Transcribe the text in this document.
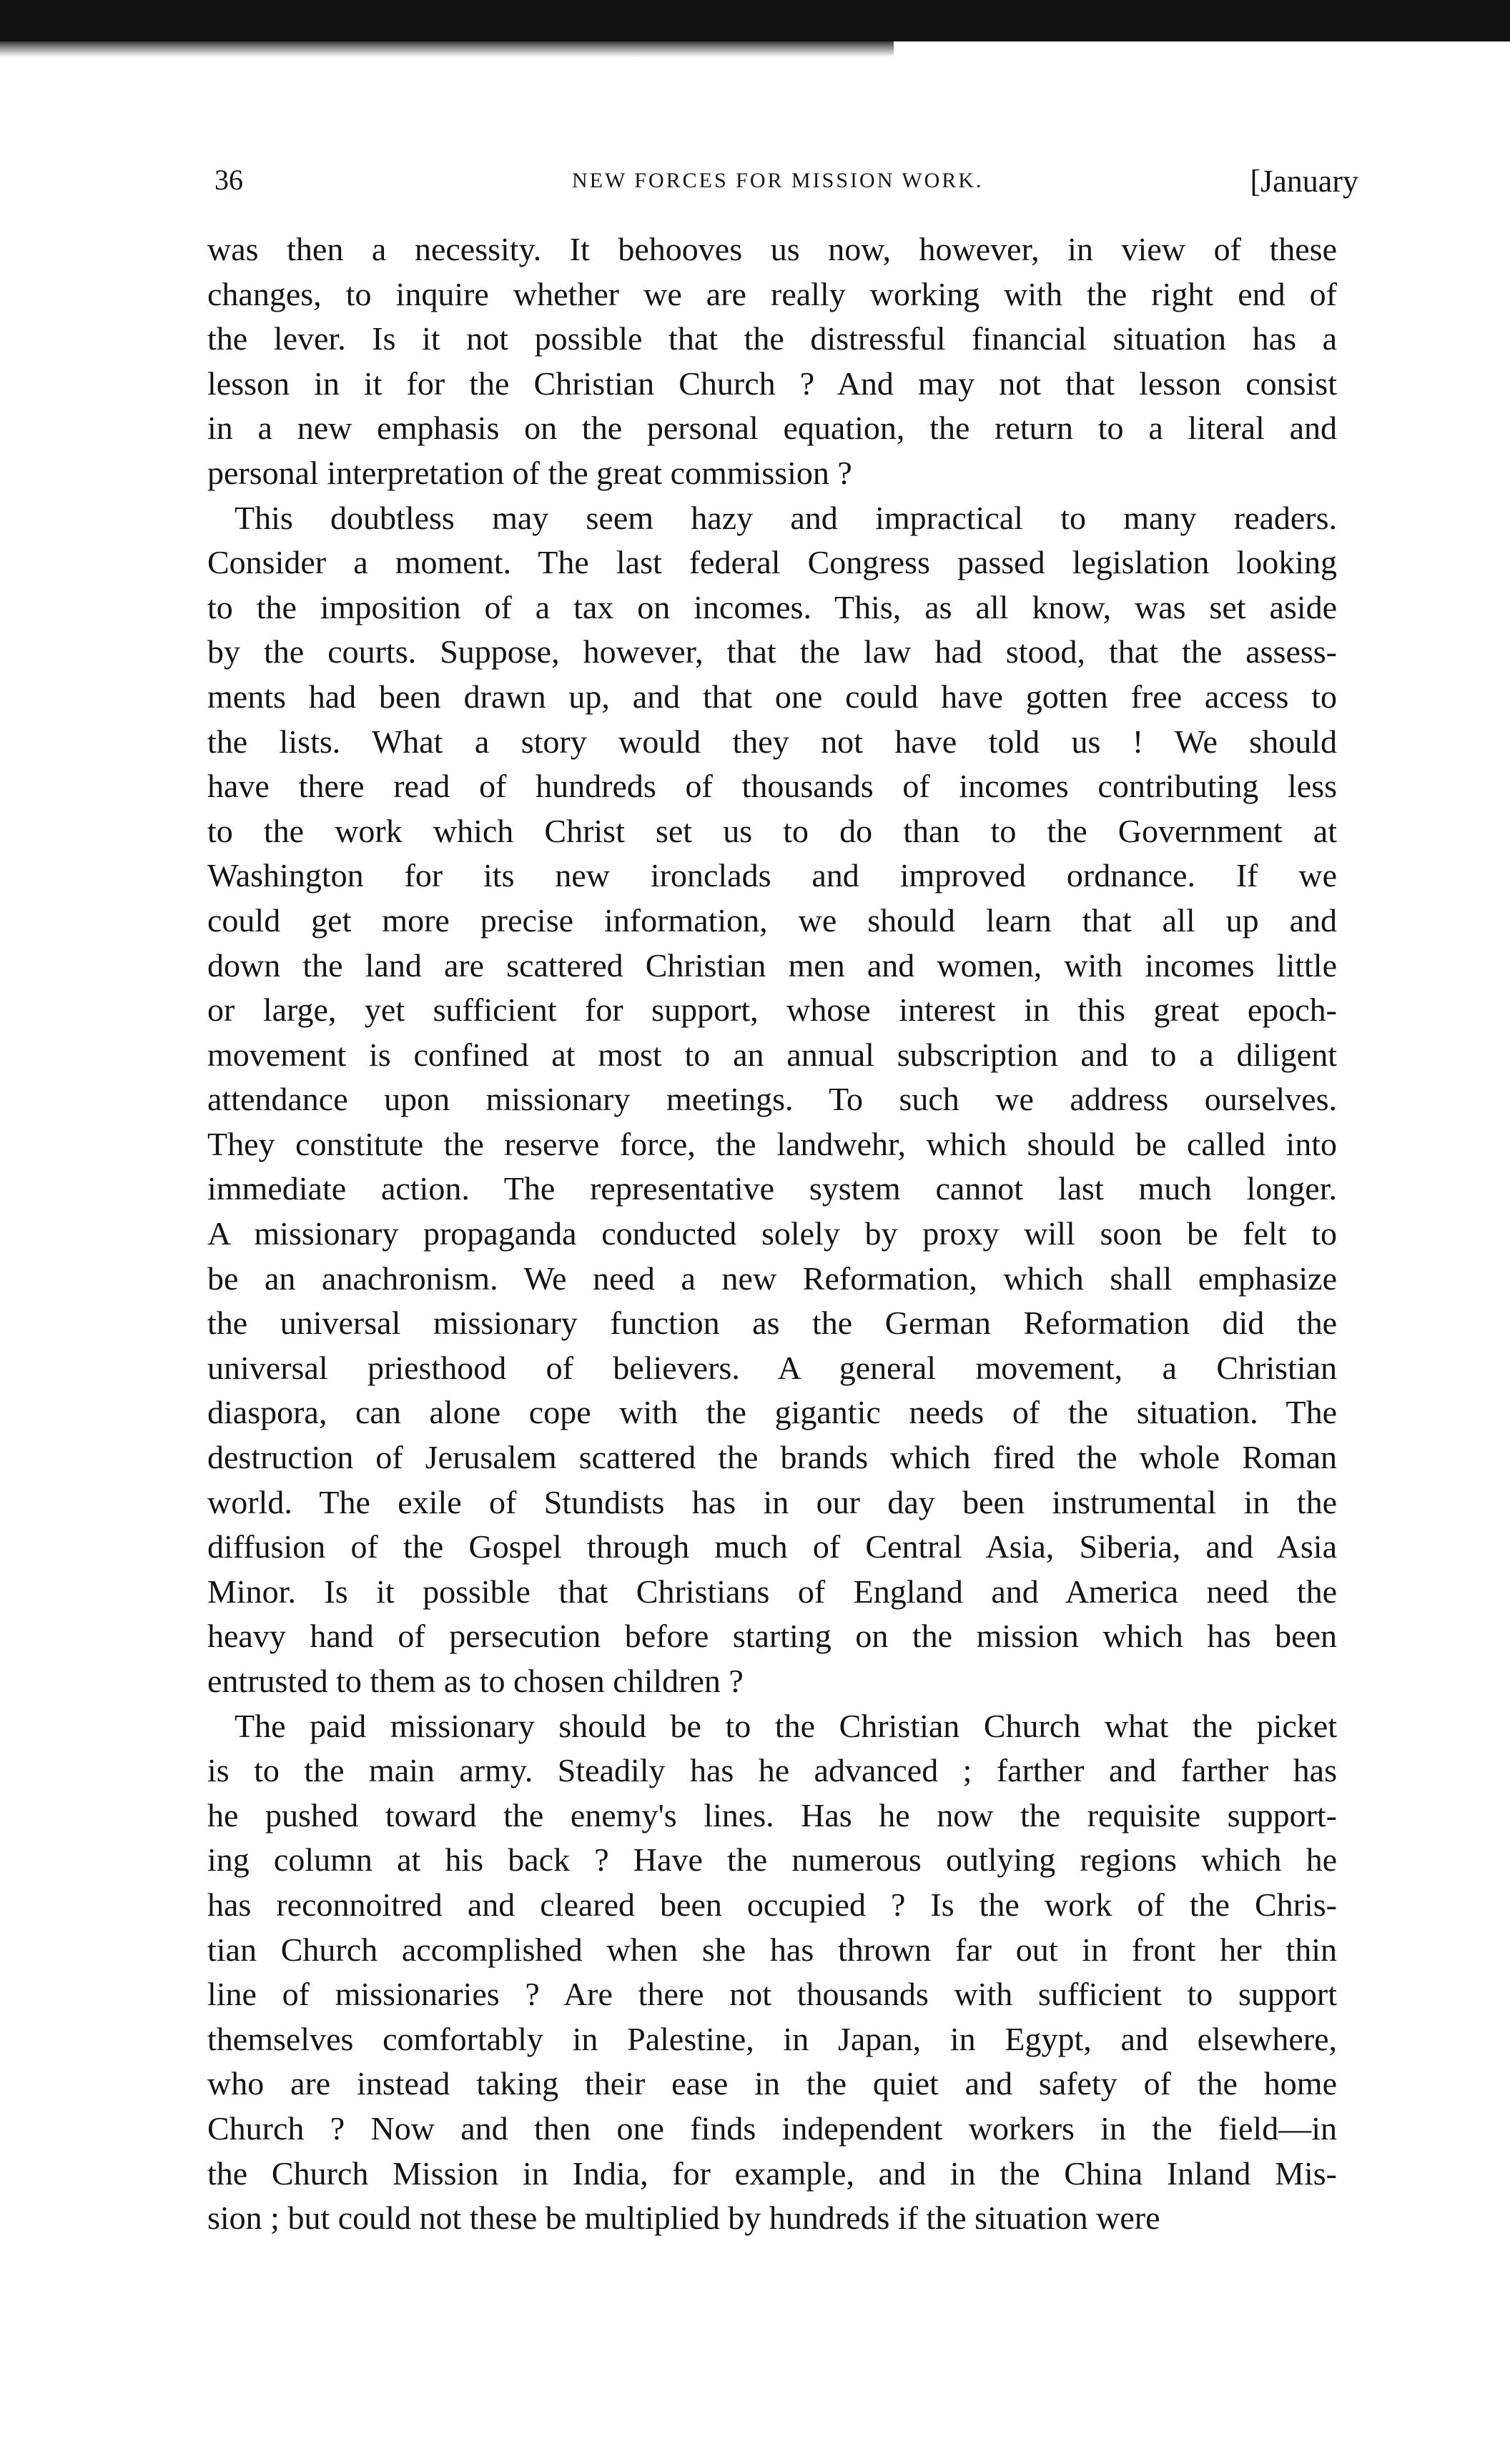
36	NEW FORCES FOR MISSION WORK.	[January
was then a necessity. It behooves us now, however, in view of these
changes, to inquire whether we are really working with the right end of
the lever. Is it not possible that the distressful financial situation has a
lesson in it for the Christian Church ? And may not that lesson consist
in a new emphasis on the personal equation, the return to a literal and
personal interpretation of the great commission ?
This doubtless may seem hazy and impractical to many readers.
Consider a moment. The last federal Congress passed legislation looking
to the imposition of a tax on incomes. This, as all know, was set aside
by the courts. Suppose, however, that the law had stood, that the assess-
ments had been drawn up, and that one could have gotten free access to
the lists. What a story would they not have told us ! We should
have there read of hundreds of thousands of incomes contributing less
to the work which Christ set us to do than to the Government at
Washington for its new ironclads and improved ordnance. If we
could get more precise information, we should learn that all up and
down the land are scattered Christian men and women, with incomes little
or large, yet sufficient for support, whose interest in this great epoch-
movement is confined at most to an annual subscription and to a diligent
attendance upon missionary meetings. To such we address ourselves.
They constitute the reserve force, the landwehr, which should be called into
immediate action. The representative system cannot last much longer.
A missionary propaganda conducted solely by proxy will soon be felt to
be an anachronism. We need a new Reformation, which shall emphasize
the universal missionary function as the German Reformation did the
universal priesthood of believers. A general movement, a Christian
diaspora, can alone cope with the gigantic needs of the situation. The
destruction of Jerusalem scattered the brands which fired the whole Roman
world. The exile of Stundists has in our day been instrumental in the
diffusion of the Gospel through much of Central Asia, Siberia, and Asia
Minor. Is it possible that Christians of England and America need the
heavy hand of persecution before starting on the mission which has been
entrusted to them as to chosen children ?
The paid missionary should be to the Christian Church what the picket
is to the main army. Steadily has he advanced ; farther and farther has
he pushed toward the enemy's lines. Has he now the requisite support-
ing column at his back ? Have the numerous outlying regions which he
has reconnoitred and cleared been occupied ? Is the work of the Chris-
tian Church accomplished when she has thrown far out in front her thin
line of missionaries ? Are there not thousands with sufficient to support
themselves comfortably in Palestine, in Japan, in Egypt, and elsewhere,
who are instead taking their ease in the quiet and safety of the home
Church ? Now and then one finds independent workers in the field—in
the Church Mission in India, for example, and in the China Inland Mis-
sion ; but could not these be multiplied by hundreds if the situation were
